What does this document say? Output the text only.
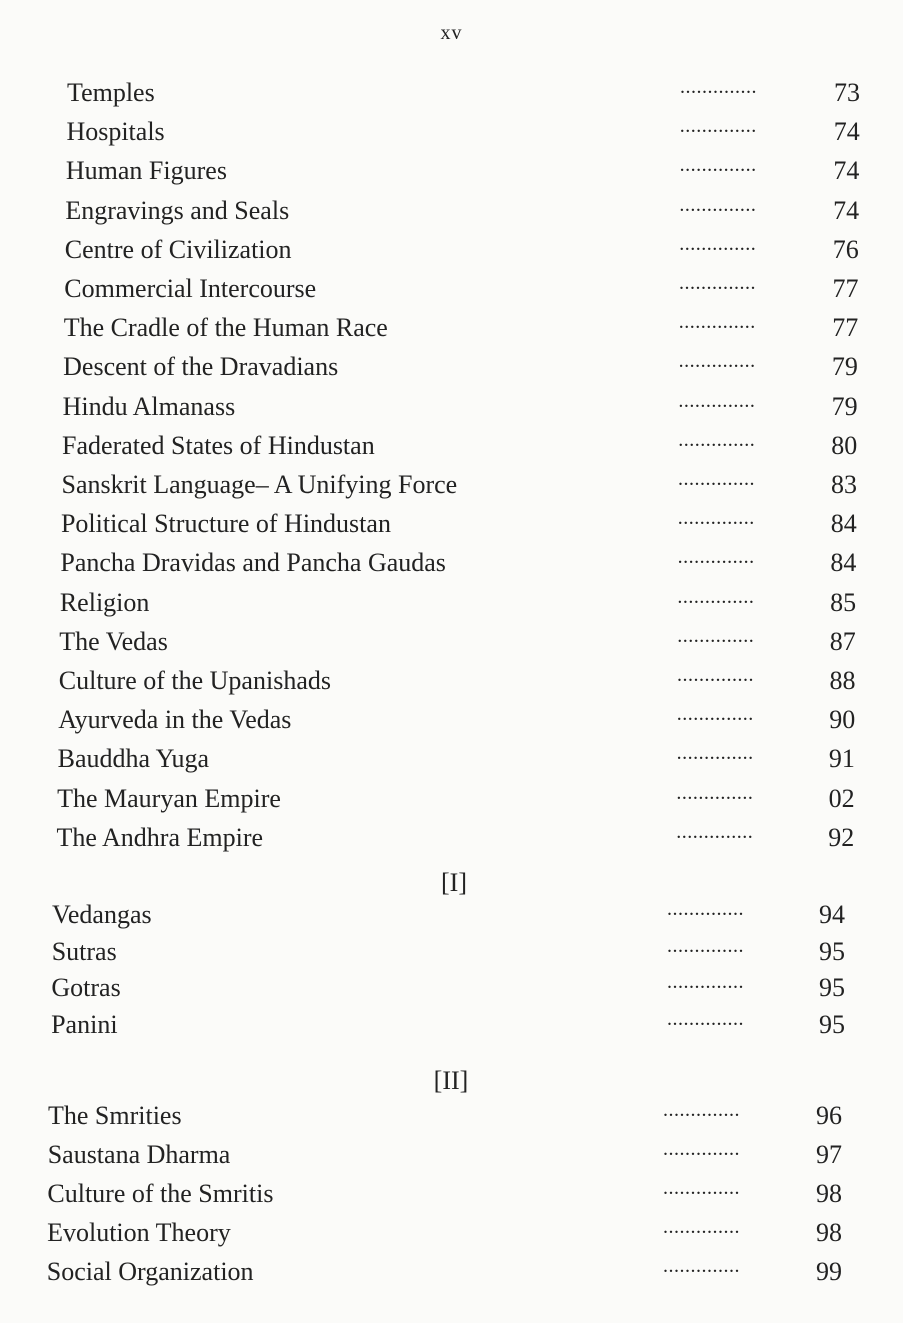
xv
Temples	..............	73
Hospitals	..............	74
Human Figures	..............	74
Engravings and Seals	..............	74
Centre of Civilization	..............	76
Commercial Intercourse	..............	77
The Cradle of the Human Race	..............	77
Descent of the Dravadians	..............	79
Hindu Almanass	..............	79
Faderated States of Hindustan	..............	80
Sanskrit Language– A Unifying Force	..............	83
Political Structure of Hindustan	..............	84
Pancha Dravidas and Pancha Gaudas	..............	84
Religion	..............	85
The Vedas	..............	87
Culture of the Upanishads	..............	88
Ayurveda in the Vedas	..............	90
Bauddha Yuga	..............	91
The Mauryan Empire	..............	02
The Andhra Empire	..............	92
[I]
Vedangas	..............	94
Sutras	..............	95
Gotras	..............	95
Panini	..............	95
[II]
The Smrities	..............	96
Saustana Dharma	..............	97
Culture of the Smritis	..............	98
Evolution Theory	..............	98
Social Organization	..............	99
